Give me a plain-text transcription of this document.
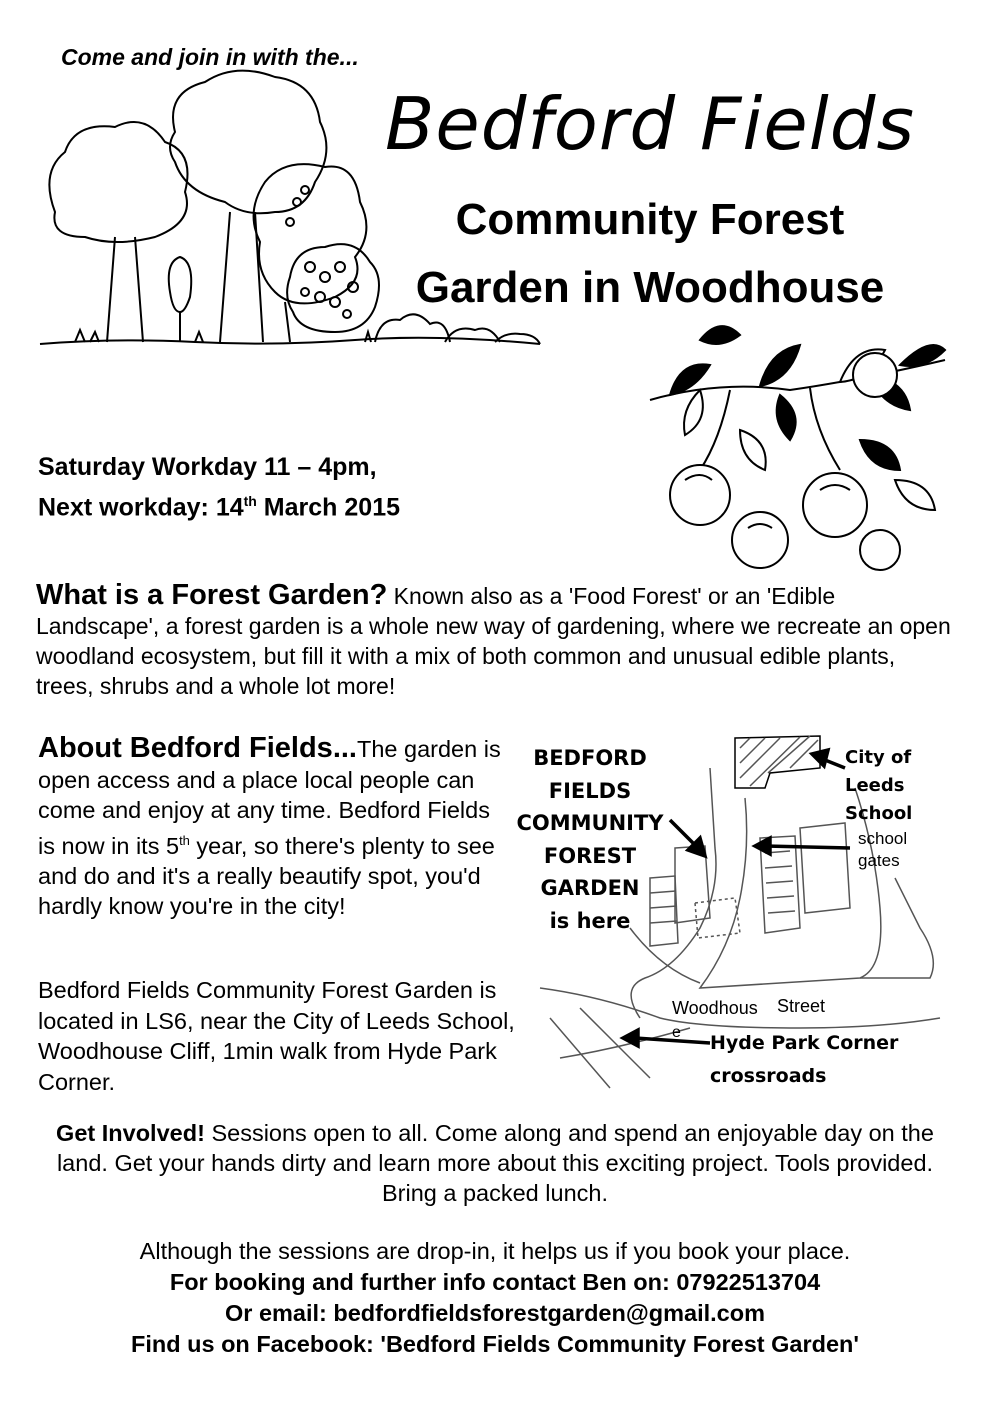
Come and join in with the...
Bedford Fields
Community Forest
Garden in Woodhouse
Saturday Workday 11 – 4pm,
Next workday: 14th March 2015
What is a Forest Garden? Known also as a 'Food Forest' or an 'Edible Landscape', a forest garden is a whole new way of gardening, where we recreate an open woodland ecosystem, but fill it with a mix of both common and unusual edible plants, trees, shrubs and a whole lot more!
About Bedford Fields...The garden is open access and a place local people can come and enjoy at any time. Bedford Fields is now in its 5th year, so there's plenty to see and do and it's a really beautify spot, you'd hardly know you're in the city!
Bedford Fields Community Forest Garden is located in LS6, near the City of Leeds School, Woodhouse Cliff, 1min walk from Hyde Park Corner.
BEDFORD
FIELDS
COMMUNITY
FOREST
GARDEN
is here
City of
Leeds
School
school
gates
Woodhous
e
Street
Hyde Park Corner
crossroads
Get Involved! Sessions open to all. Come along and spend an enjoyable day on the land. Get your hands dirty and learn more about this exciting project. Tools provided. Bring a packed lunch.
Although the sessions are drop-in, it helps us if you book your place.
For booking and further info contact Ben on: 07922513704
Or email: bedfordfieldsforestgarden@gmail.com
Find us on Facebook: 'Bedford Fields Community Forest Garden'
